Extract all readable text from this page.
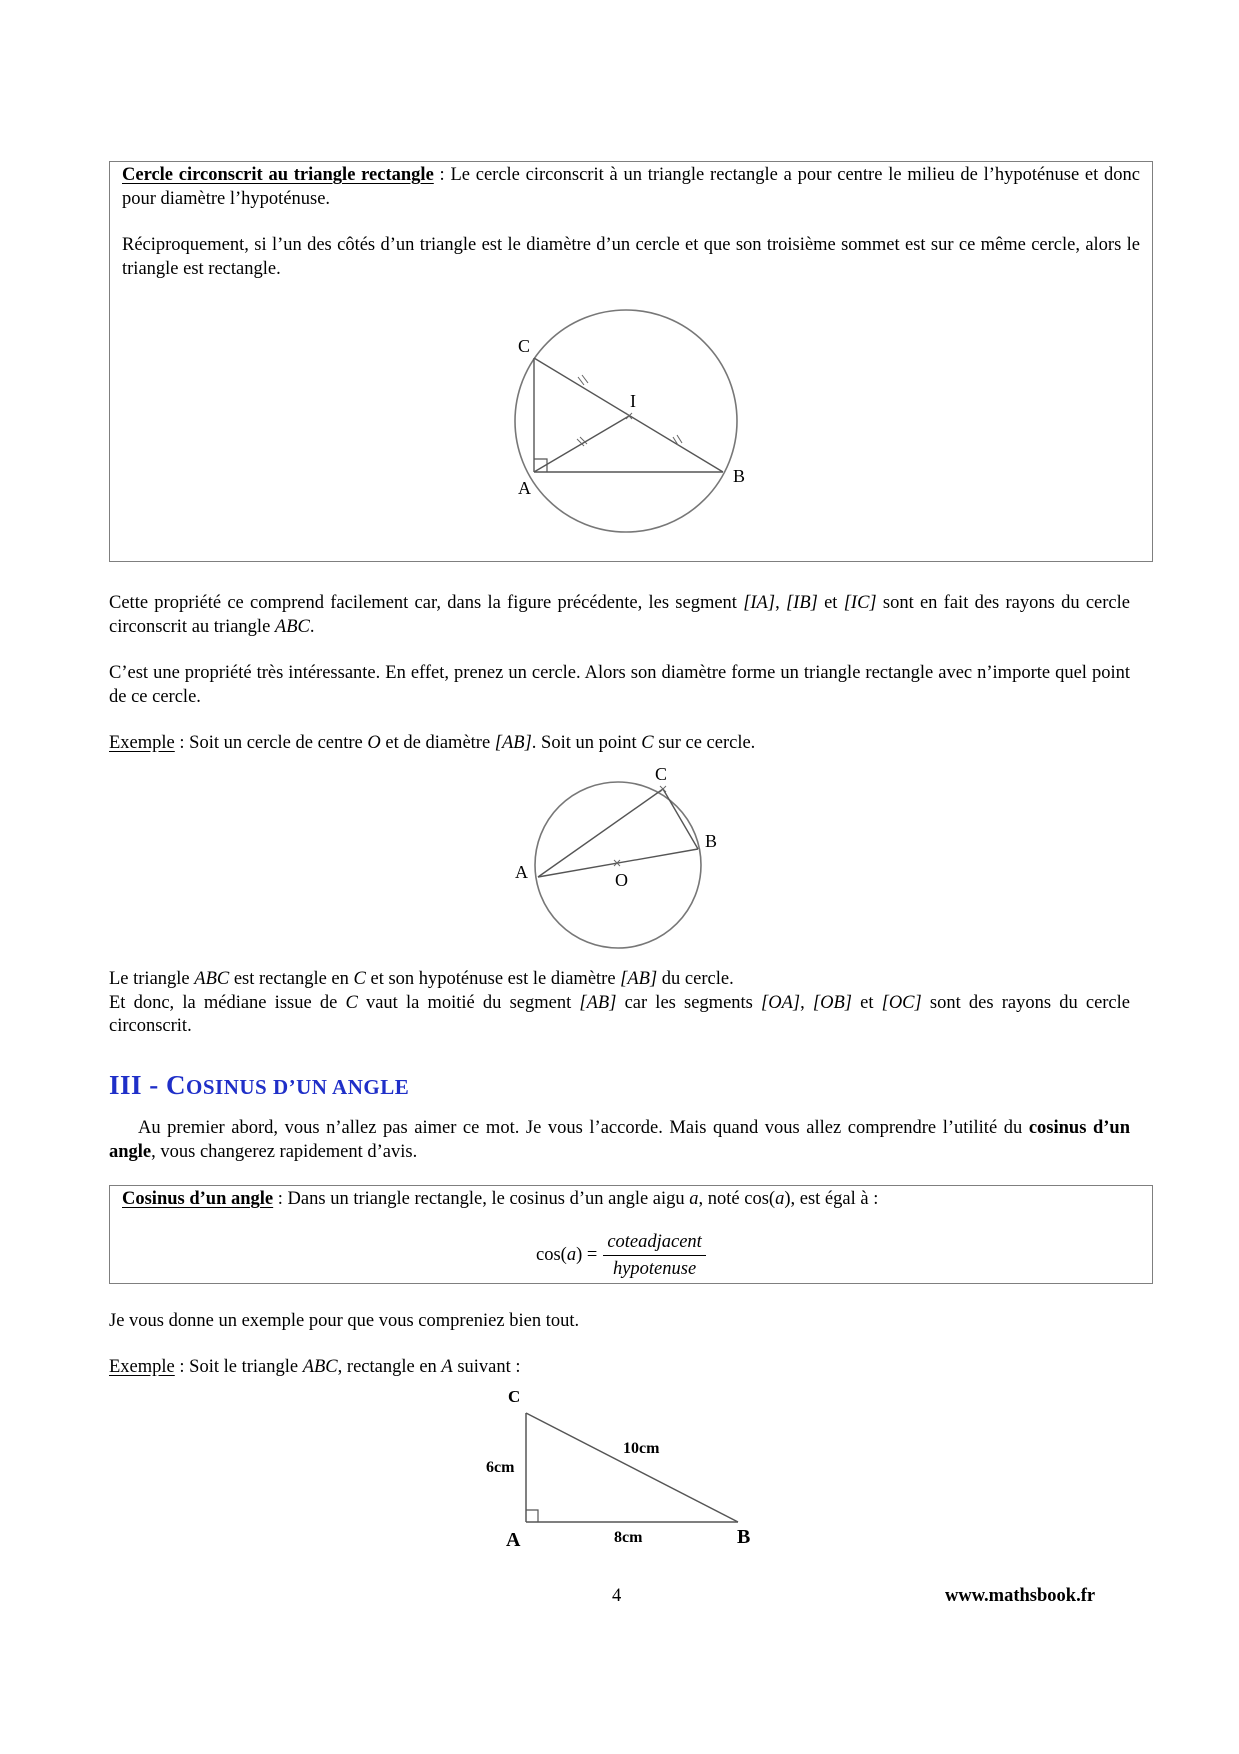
Cercle circonscrit au triangle rectangle : Le cercle circonscrit à un triangle rectangle a pour centre le milieu de l’hypoténuse et donc pour diamètre l’hypoténuse.
Réciproquement, si l’un des côtés d’un triangle est le diamètre d’un cercle et que son troisième sommet est sur ce même cercle, alors le triangle est rectangle.
C
A
B
I
Cette propriété ce comprend facilement car, dans la figure précédente, les segment [IA], [IB] et [IC] sont en fait des rayons du cercle circonscrit au triangle ABC.
C’est une propriété très intéressante. En effet, prenez un cercle. Alors son diamètre forme un triangle rectangle avec n’importe quel point de ce cercle.
Exemple : Soit un cercle de centre O et de diamètre [AB]. Soit un point C sur ce cercle.
C
B
A	O
Le triangle ABC est rectangle en C et son hypoténuse est le diamètre [AB] du cercle.
Et donc, la médiane issue de C vaut la moitié du segment [AB] car les segments [OA], [OB] et [OC] sont des rayons du cercle circonscrit.
III - COSINUS D’UN ANGLE
Au premier abord, vous n’allez pas aimer ce mot. Je vous l’accorde. Mais quand vous allez comprendre l’utilité du cosinus d’un angle, vous changerez rapidement d’avis.
Cosinus d’un angle : Dans un triangle rectangle, le cosinus d’un angle aigu a, noté cos(a), est égal à :
cos( a ) = $\frac{\text{coteadjacent}}{\text{hypotenuse}}$
Je vous donne un exemple pour que vous compreniez bien tout.
Exemple : Soit le triangle ABC, rectangle en A suivant :
C
A	B
6cm
8cm
10cm
4	www.mathsbook.fr
